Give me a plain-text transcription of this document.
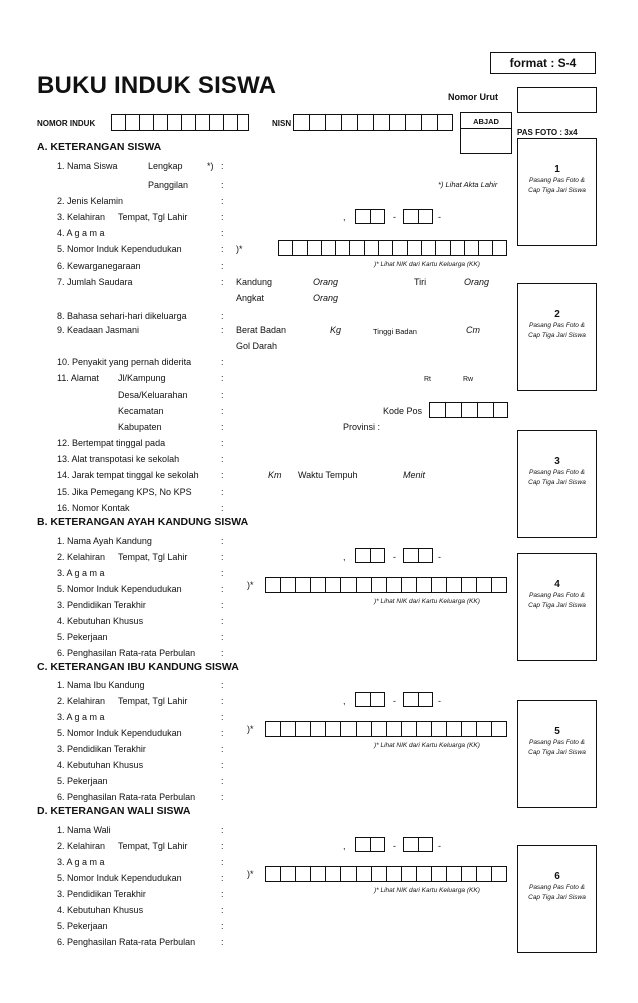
format : S-4
BUKU INDUK SISWA	Nomor Urut
NOMOR INDUK	NISN	ABJAD
PAS FOTO : 3x4
1
Pasang Pas Foto & Cap Tiga Jari Siswa
2
Pasang Pas Foto & Cap Tiga Jari Siswa
3
Pasang Pas Foto & Cap Tiga Jari Siswa
4
Pasang Pas Foto & Cap Tiga Jari Siswa
5
Pasang Pas Foto & Cap Tiga Jari Siswa
6
Pasang Pas Foto & Cap Tiga Jari Siswa
A. KETERANGAN SISWA
1. Nama Siswa	Lengkap	*) :
Panggilan	:	*) Lihat Akta Lahir
2. Jenis Kelamin	:
3. Kelahiran Tempat, Tgl Lahir	:	,	-	-
4. A g a m a	:
5. Nomor Induk Kependudukan	: )*
6. Kewarganegaraan	:	)* Lihat NIK dari Kartu Keluarga (KK)
7. Jumlah Saudara	: Kandung	Orang	Tiri	Orang
Angkat	Orang
8. Bahasa sehari-hari dikeluarga	:
9. Keadaan Jasmani	: Berat Badan	Kg	Tinggi Badan	Cm
Gol Darah
10. Penyakit yang pernah diderita	:
11. Alamat Jl/Kampung	:	Rt	Rw
Desa/Keluarahan	:
Kecamatan	:	Kode Pos
Kabupaten	:	Provinsi :
12. Bertempat tinggal pada	:
13. Alat transpotasi ke sekolah	:
14. Jarak tempat tinggal ke sekolah :	Km Waktu Tempuh	Menit
15. Jika Pemegang KPS, No KPS	:
16. Nomor Kontak	:
B. KETERANGAN AYAH KANDUNG SISWA
1. Nama Ayah Kandung	:
2. Kelahiran Tempat, Tgl Lahir	:	,	-	-
3. A g a m a	:
5. Nomor Induk Kependudukan	:	)*
3. Pendidikan Terakhir	:	)* Lihat NIK dari Kartu Keluarga (KK)
4. Kebutuhan Khusus	:
5. Pekerjaan	:
6. Penghasilan Rata-rata Perbulan	:
C. KETERANGAN IBU KANDUNG SISWA
1. Nama Ibu Kandung	:
2. Kelahiran Tempat, Tgl Lahir	:	,	-	-
3. A g a m a	:
5. Nomor Induk Kependudukan	:	)*
3. Pendidikan Terakhir	:	)* Lihat NIK dari Kartu Keluarga (KK)
4. Kebutuhan Khusus	:
5. Pekerjaan	:
6. Penghasilan Rata-rata Perbulan	:
D. KETERANGAN WALI SISWA
1. Nama Wali	:
2. Kelahiran Tempat, Tgl Lahir	:	,	-	-
3. A g a m a	:
5. Nomor Induk Kependudukan	:	)*
3. Pendidikan Terakhir	:	)* Lihat NIK dari Kartu Keluarga (KK)
4. Kebutuhan Khusus	:
5. Pekerjaan	:
6. Penghasilan Rata-rata Perbulan	:
